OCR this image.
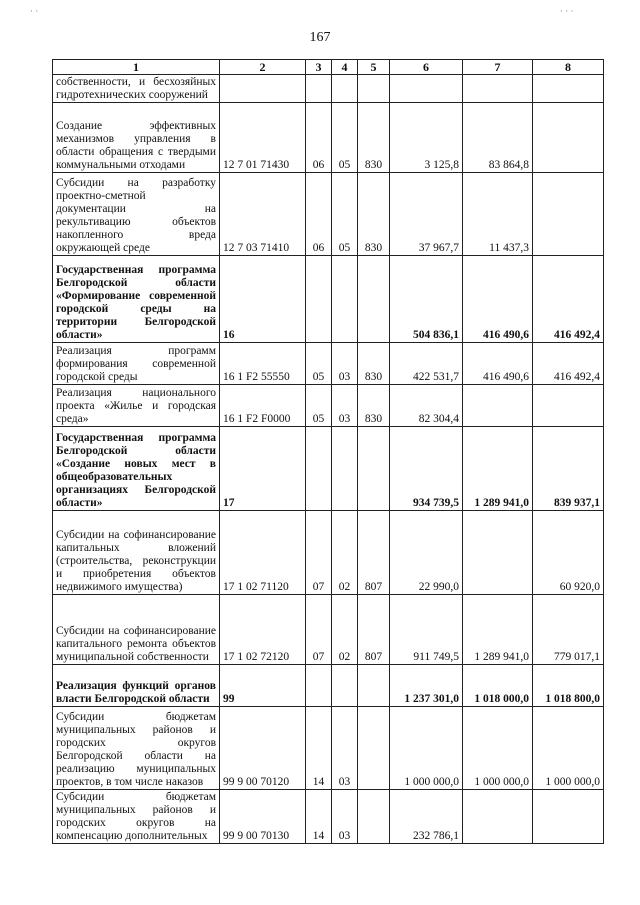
167
1	2	3	4	5	6	7	8
собственности, и бесхозяйных гидротехнических сооружений							
Создание эффективных механизмов управления в области обращения с твердыми коммунальными отходами	12 7 01 71430	06	05	830	3 125,8	83 864,8	
Субсидии на разработку проектно-сметной документации на рекультивацию объектов накопленного вреда окружающей среде	12 7 03 71410	06	05	830	37 967,7	11 437,3	
Государственная программа Белгородской области «Формирование современной городской среды на территории Белгородской области»	16				504 836,1	416 490,6	416 492,4
Реализация программ формирования современной городской среды	16 1 F2 55550	05	03	830	422 531,7	416 490,6	416 492,4
Реализация национального проекта «Жилье и городская среда»	16 1 F2 F0000	05	03	830	82 304,4		
Государственная программа Белгородской области «Создание новых мест в общеобразовательных организациях Белгородской области»	17				934 739,5	1 289 941,0	839 937,1
Субсидии на софинансирование капитальных вложений (строительства, реконструкции и приобретения объектов недвижимого имущества)	17 1 02 71120	07	02	807	22 990,0		60 920,0
Субсидии на софинансирование капитального ремонта объектов муниципальной собственности	17 1 02 72120	07	02	807	911 749,5	1 289 941,0	779 017,1
Реализация функций органов власти Белгородской области	99				1 237 301,0	1 018 000,0	1 018 800,0
Субсидии бюджетам муниципальных районов и городских округов Белгородской области на реализацию муниципальных проектов, в том числе наказов	99 9 00 70120	14	03		1 000 000,0	1 000 000,0	1 000 000,0
Субсидии бюджетам муниципальных районов и городских округов на компенсацию дополнительных	99 9 00 70130	14	03		232 786,1		
· ·	· · ·
